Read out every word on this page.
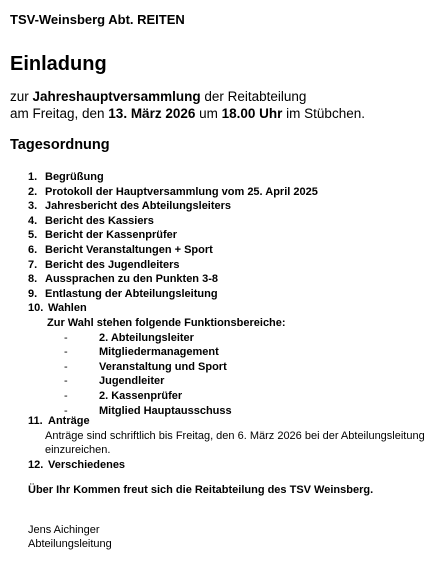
TSV-Weinsberg Abt. REITEN
Einladung
zur Jahreshauptversammlung der Reitabteilung
am Freitag, den 13. März 2026 um 18.00 Uhr im Stübchen.
Tagesordnung
1. Begrüßung
2. Protokoll der Hauptversammlung vom 25. April 2025
3. Jahresbericht des Abteilungsleiters
4. Bericht des Kassiers
5. Bericht der Kassenprüfer
6. Bericht Veranstaltungen + Sport
7. Bericht des Jugendleiters
8. Aussprachen zu den Punkten 3-8
9. Entlastung der Abteilungsleitung
10. Wahlen
Zur Wahl stehen folgende Funktionsbereiche:
-	2. Abteilungsleiter
-	Mitgliedermanagement
-	Veranstaltung und Sport
-	Jugendleiter
-	2. Kassenprüfer
-	Mitglied Hauptausschuss
11. Anträge
Anträge sind schriftlich bis Freitag, den 6. März 2026 bei der Abteilungsleitung einzureichen.
12. Verschiedenes
Über Ihr Kommen freut sich die Reitabteilung des TSV Weinsberg.
Jens Aichinger
Abteilungsleitung
